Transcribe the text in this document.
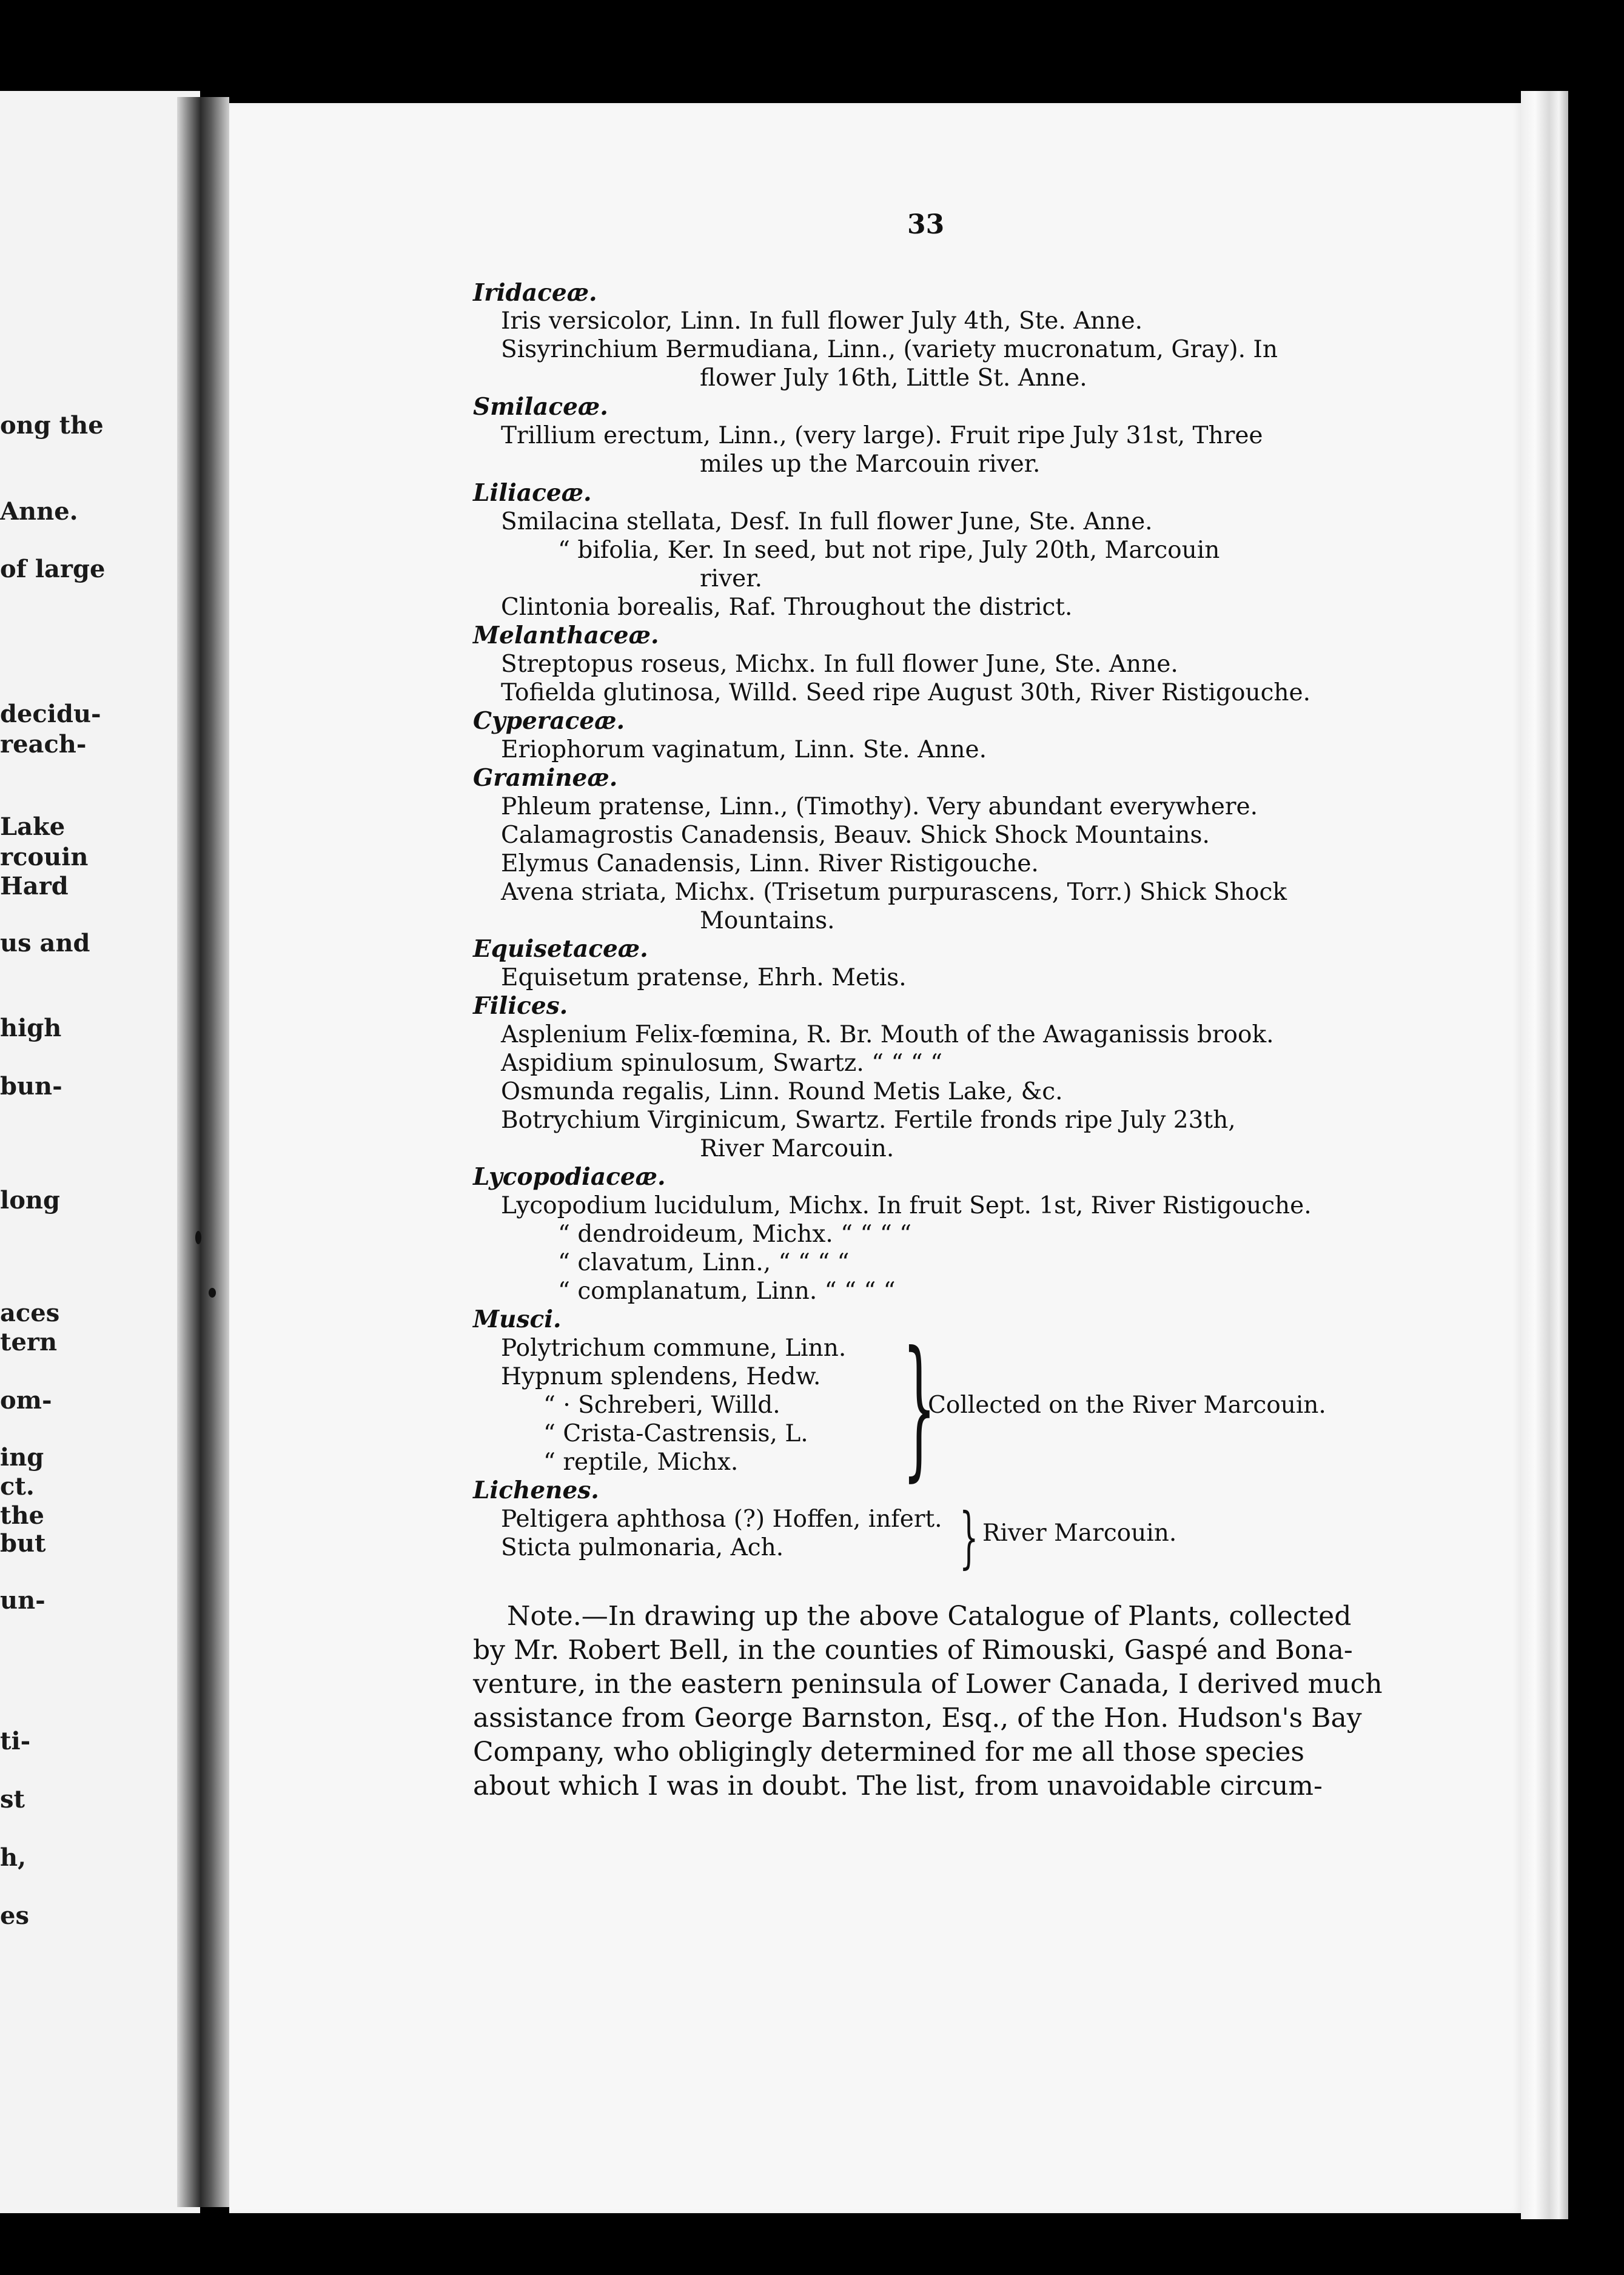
ong the
Anne.
of large
decidu-
reach-
Lake
rcouin
Hard
us and
high
bun-
long
aces
tern
om-
ing
ct.
the
but
un-
ti-
st
h,
es
33
Iridaceæ.
Iris versicolor, Linn. In full flower July 4th, Ste. Anne.
Sisyrinchium Bermudiana, Linn., (variety mucronatum, Gray). In
flower July 16th, Little St. Anne.
Smilaceæ.
Trillium erectum, Linn., (very large). Fruit ripe July 31st, Three
miles up the Marcouin river.
Liliaceæ.
Smilacina stellata, Desf. In full flower June, Ste. Anne.
“ bifolia, Ker. In seed, but not ripe, July 20th, Marcouin
river.
Clintonia borealis, Raf. Throughout the district.
Melanthaceæ.
Streptopus roseus, Michx. In full flower June, Ste. Anne.
Tofielda glutinosa, Willd. Seed ripe August 30th, River Ristigouche.
Cyperaceæ.
Eriophorum vaginatum, Linn. Ste. Anne.
Gramineæ.
Phleum pratense, Linn., (Timothy). Very abundant everywhere.
Calamagrostis Canadensis, Beauv. Shick Shock Mountains.
Elymus Canadensis, Linn. River Ristigouche.
Avena striata, Michx. (Trisetum purpurascens, Torr.) Shick Shock
Mountains.
Equisetaceæ.
Equisetum pratense, Ehrh. Metis.
Filices.
Asplenium Felix-fœmina, R. Br. Mouth of the Awaganissis brook.
Aspidium spinulosum, Swartz. “ “ “ “
Osmunda regalis, Linn. Round Metis Lake, &c.
Botrychium Virginicum, Swartz. Fertile fronds ripe July 23th,
River Marcouin.
Lycopodiaceæ.
Lycopodium lucidulum, Michx. In fruit Sept. 1st, River Ristigouche.
“ dendroideum, Michx. “ “ “ “
“ clavatum, Linn., “ “ “ “
“ complanatum, Linn. “ “ “ “
Musci.
Polytrichum commune, Linn.
Hypnum splendens, Hedw.
“ · Schreberi, Willd.
“ Crista-Castrensis, L.
“ reptile, Michx.
Collected on the River Marcouin.
Lichenes.
Peltigera aphthosa (?) Hoffen, infert.
Sticta pulmonaria, Ach.
River Marcouin.
Note.—In drawing up the above Catalogue of Plants, collected
by Mr. Robert Bell, in the counties of Rimouski, Gaspé and Bona-
venture, in the eastern peninsula of Lower Canada, I derived much
assistance from George Barnston, Esq., of the Hon. Hudson's Bay
Company, who obligingly determined for me all those species
about which I was in doubt. The list, from unavoidable circum-
}
}
